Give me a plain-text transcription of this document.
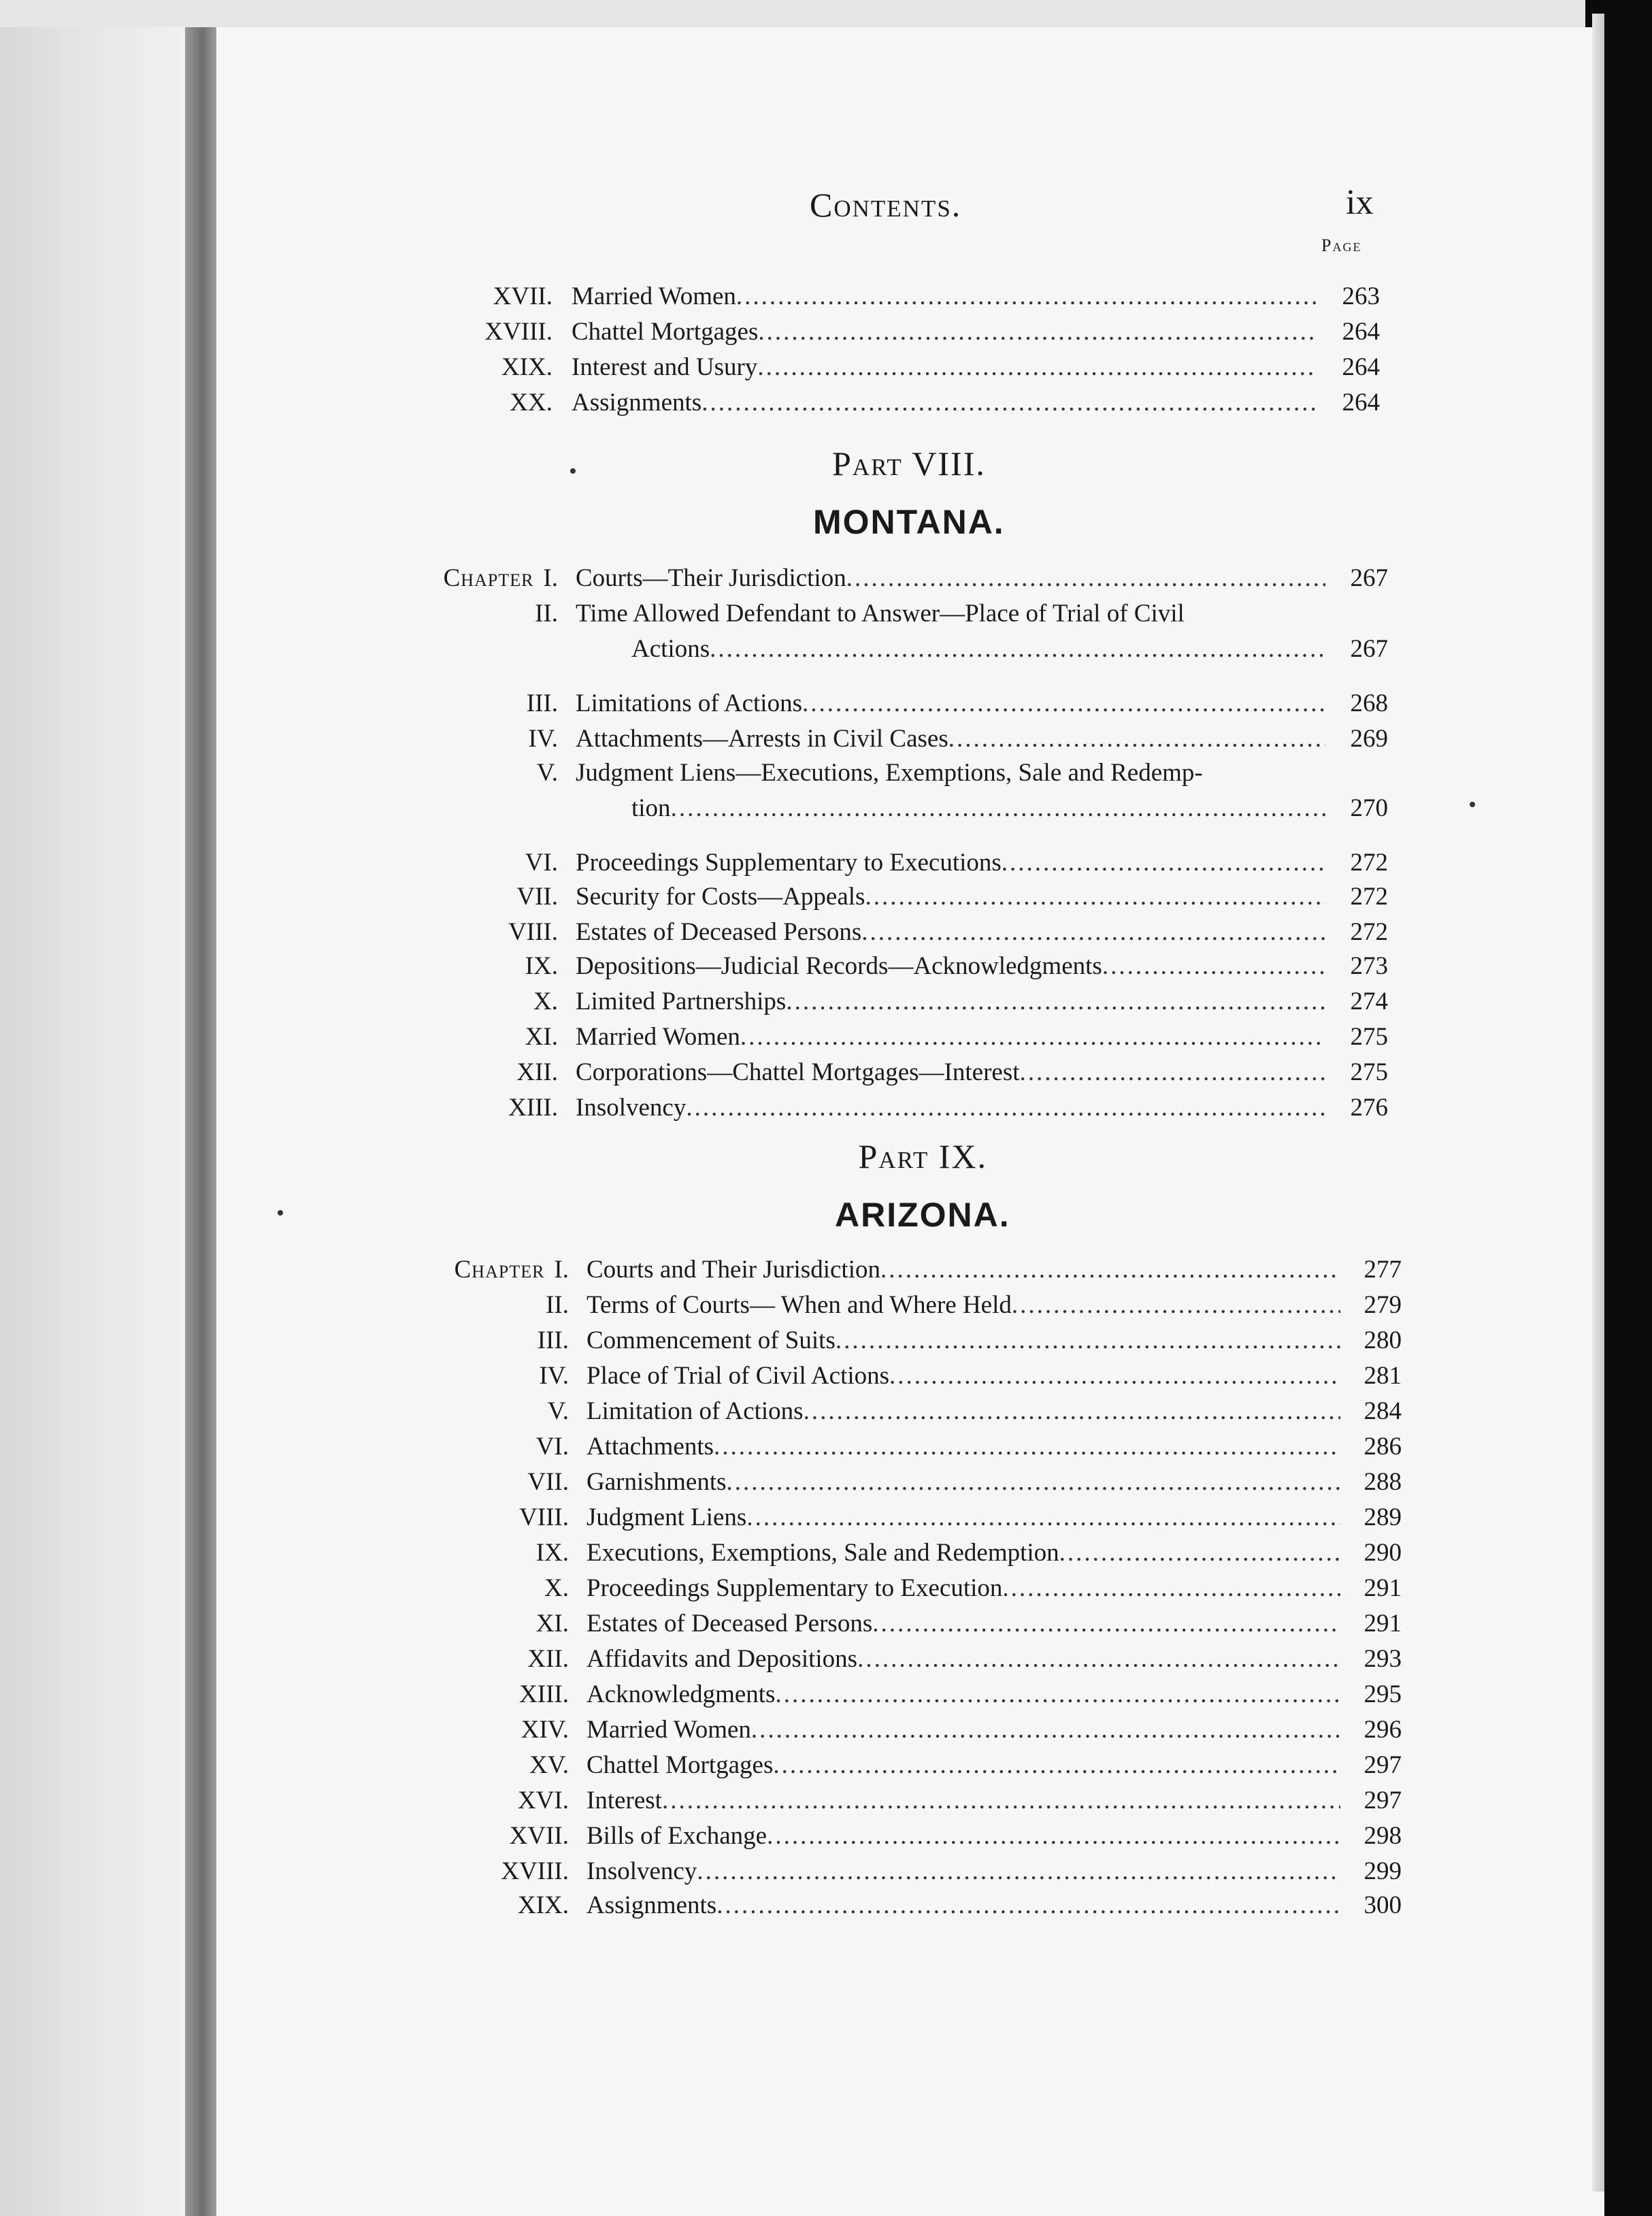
Contents.	ix
Page
XVII. Married Women .....	263
XVIII. Chattel Mortgages .....	264
XIX. Interest and Usury .....	264
XX. Assignments .....	264
Part VIII.
MONTANA.
Chapter I. Courts—Their Jurisdiction .....	267
II. Time Allowed Defendant to Answer—Place of Trial of Civil
Actions .....	267
III. Limitations of Actions .....	268
IV. Attachments—Arrests in Civil Cases .....	269
V. Judgment Liens—Executions, Exemptions, Sale and Redemp-
tion .....	270
VI. Proceedings Supplementary to Executions .....	272
VII. Security for Costs—Appeals .....	272
VIII. Estates of Deceased Persons .....	272
IX. Depositions—Judicial Records—Acknowledgments .....	273
X. Limited Partnerships .....	274
XI. Married Women .....	275
XII. Corporations—Chattel Mortgages—Interest .....	275
XIII. Insolvency .....	276
Part IX.
ARIZONA.
Chapter I. Courts and Their Jurisdiction .....	277
II. Terms of Courts— When and Where Held .....	279
III. Commencement of Suits .....	280
IV. Place of Trial of Civil Actions .....	281
V. Limitation of Actions .....	284
VI. Attachments .....	286
VII. Garnishments .....	288
VIII. Judgment Liens .....	289
IX. Executions, Exemptions, Sale and Redemption .....	290
X. Proceedings Supplementary to Execution .....	291
XI. Estates of Deceased Persons .....	291
XII. Affidavits and Depositions .....	293
XIII. Acknowledgments .....	295
XIV. Married Women .....	296
XV. Chattel Mortgages .....	297
XVI. Interest .....	297
XVII. Bills of Exchange .....	298
XVIII. Insolvency .....	299
XIX. Assignments .....	300
